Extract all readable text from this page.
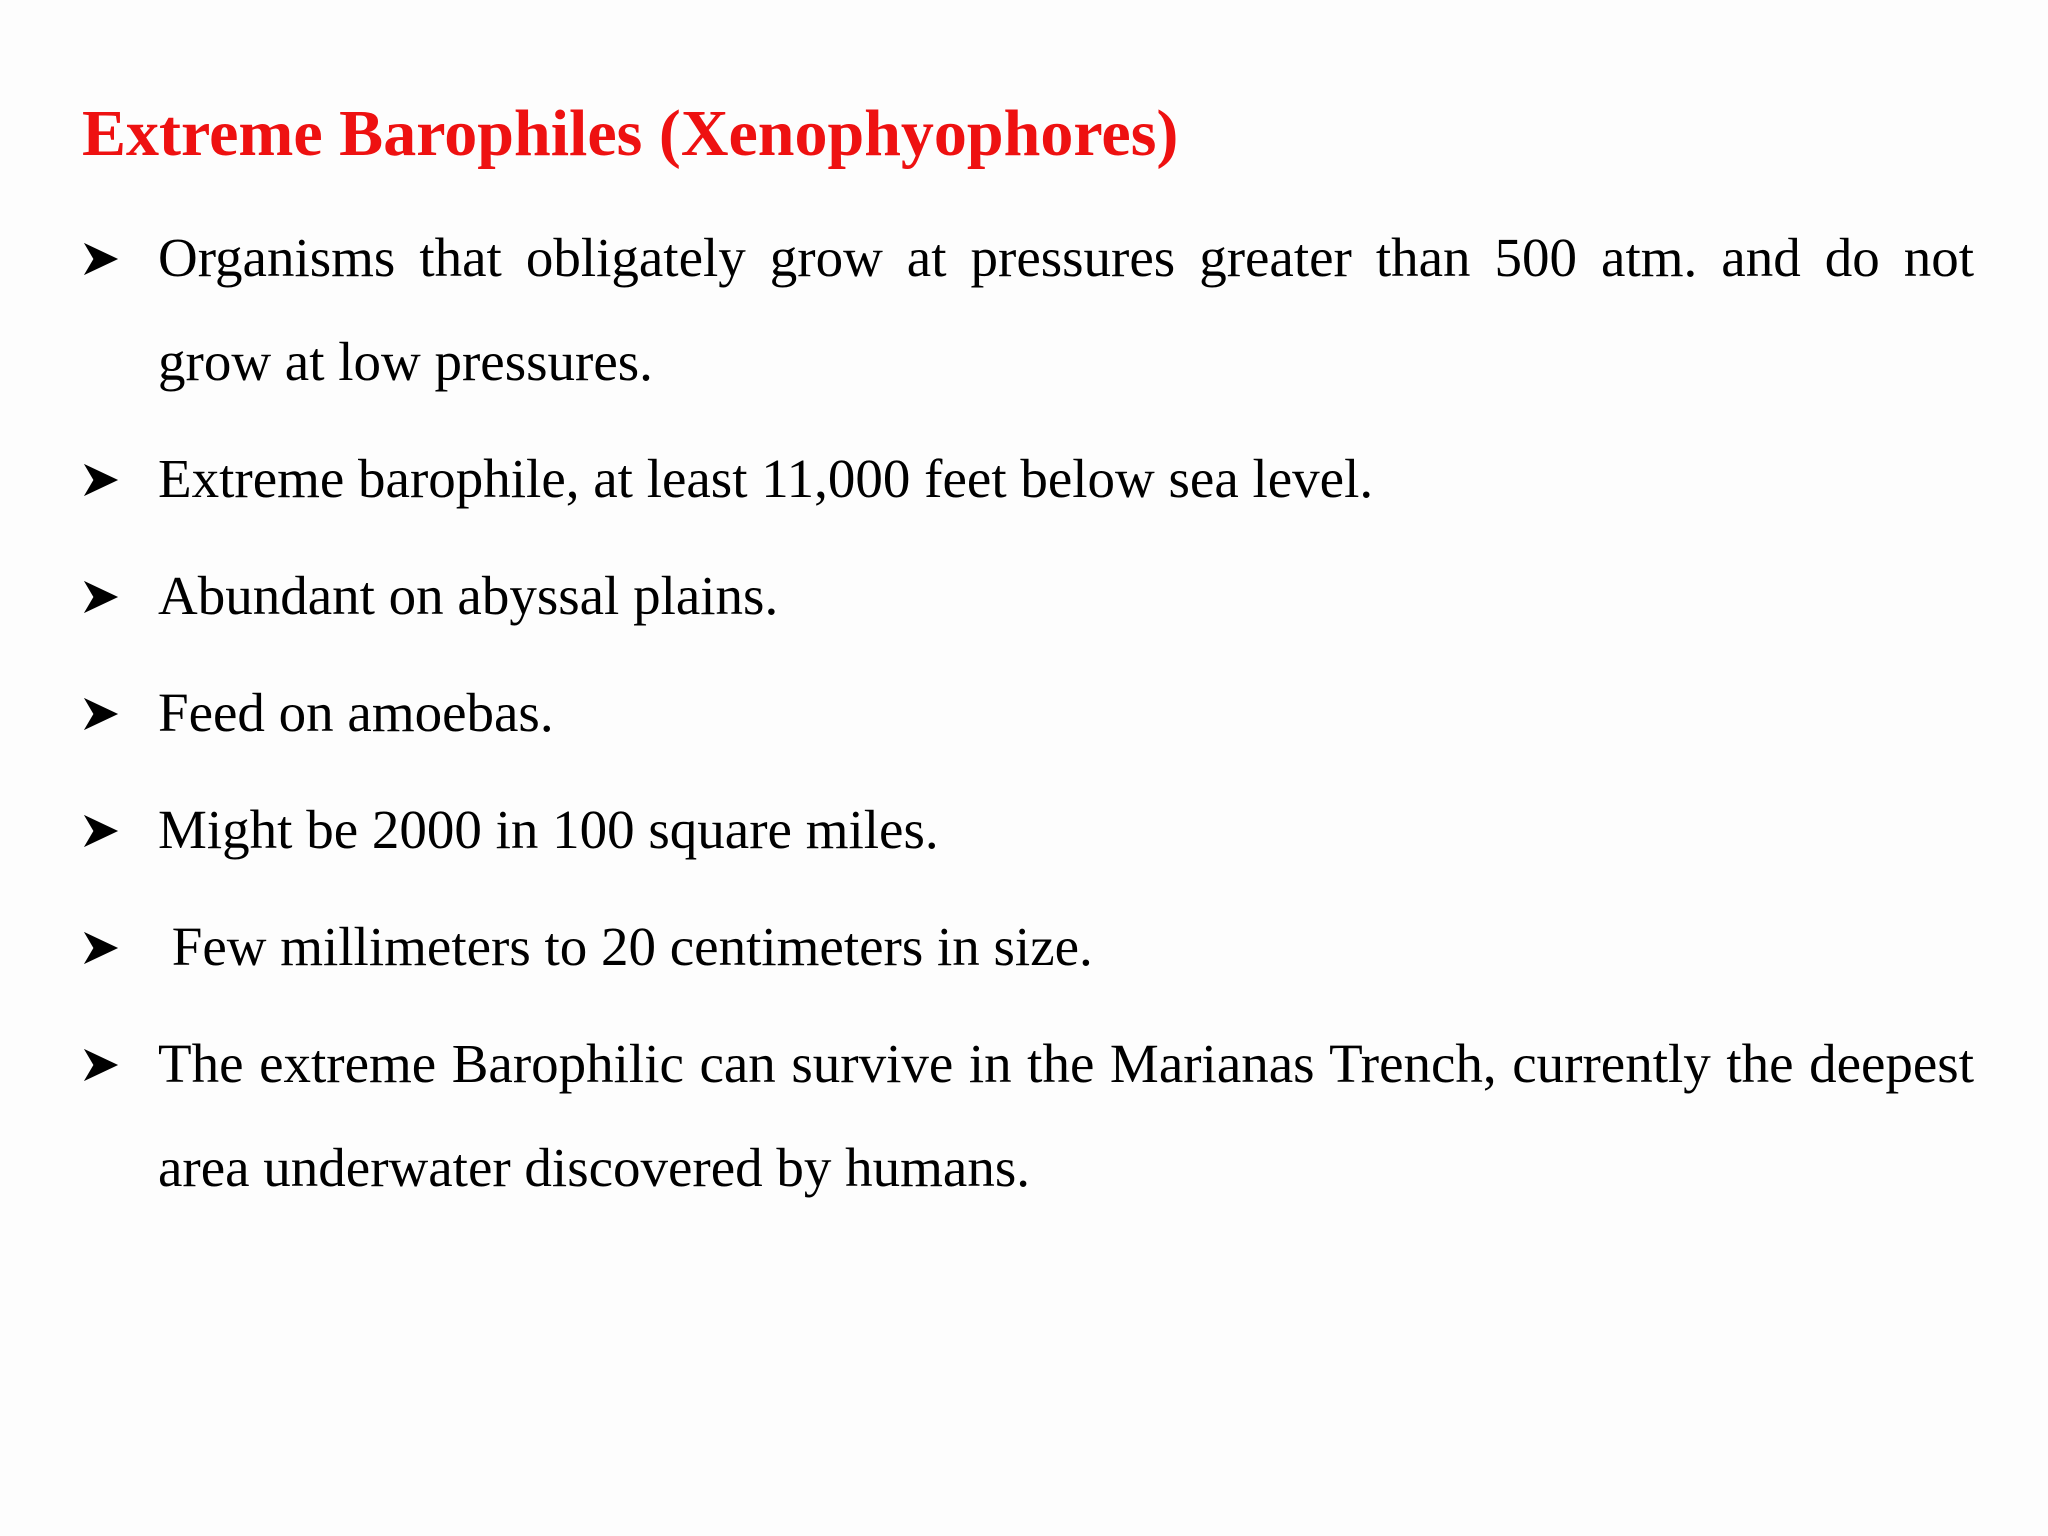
Extreme Barophiles (Xenophyophores)

Organisms that obligately grow at pressures greater than 500 atm. and do not grow at low pressures.

Extreme barophile, at least 11,000 feet below sea level.

Abundant on abyssal plains.

Feed on amoebas.

Might be 2000 in 100 square miles.

Few millimeters to 20 centimeters in size.

The extreme Barophilic can survive in the Marianas Trench, currently the deepest area underwater discovered by humans.
